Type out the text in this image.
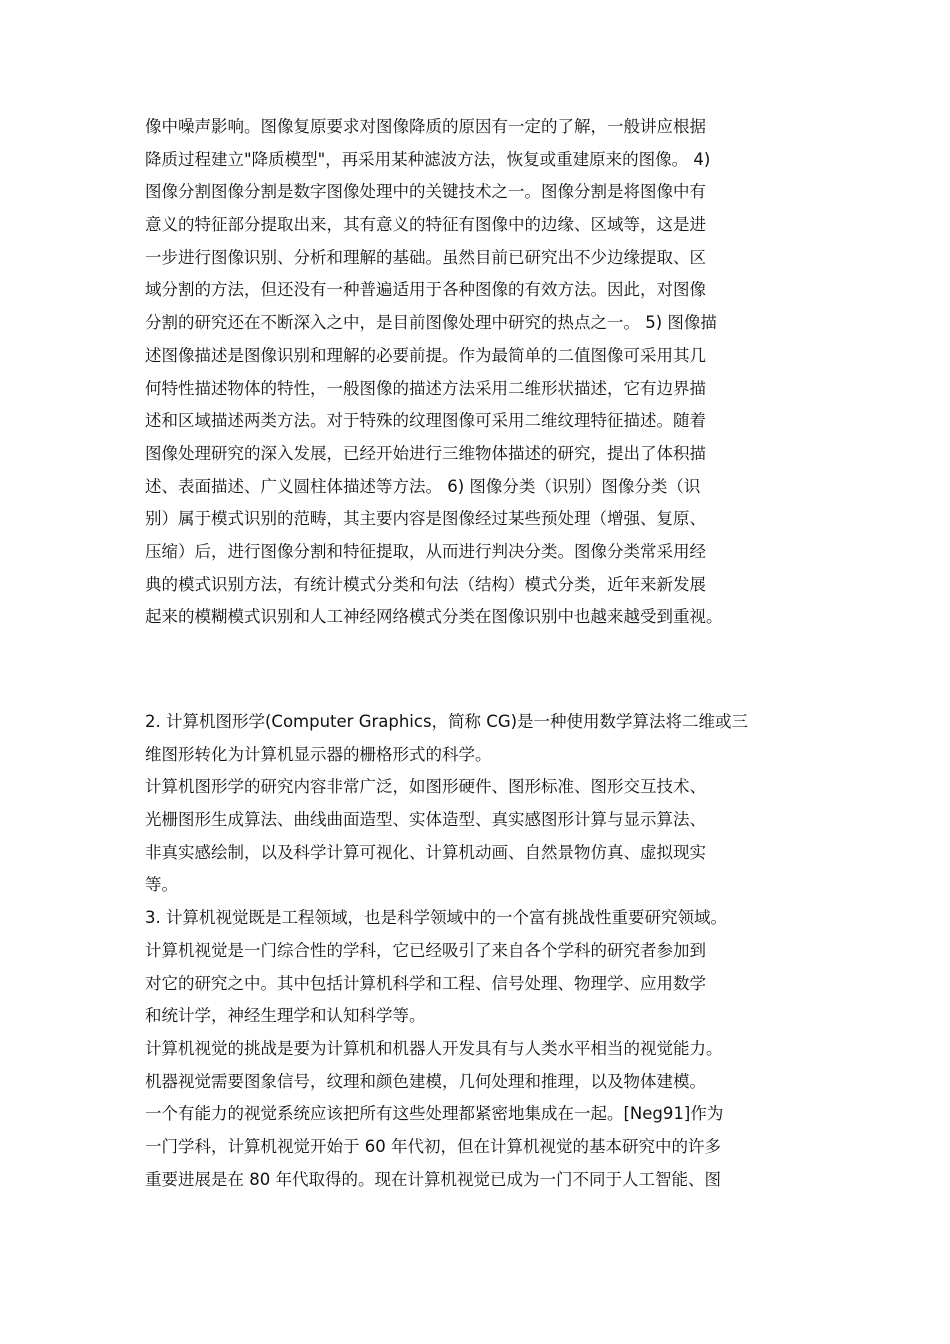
像中噪声影响。图像复原要求对图像降质的原因有一定的了解，一般讲应根据
降质过程建立"降质模型"，再采用某种滤波方法，恢复或重建原来的图像。 4)
图像分割图像分割是数字图像处理中的关键技术之一。图像分割是将图像中有
意义的特征部分提取出来，其有意义的特征有图像中的边缘、区域等，这是进
一步进行图像识别、分析和理解的基础。虽然目前已研究出不少边缘提取、区
域分割的方法，但还没有一种普遍适用于各种图像的有效方法。因此，对图像
分割的研究还在不断深入之中，是目前图像处理中研究的热点之一。 5) 图像描
述图像描述是图像识别和理解的必要前提。作为最简单的二值图像可采用其几
何特性描述物体的特性，一般图像的描述方法采用二维形状描述，它有边界描
述和区域描述两类方法。对于特殊的纹理图像可采用二维纹理特征描述。随着
图像处理研究的深入发展，已经开始进行三维物体描述的研究，提出了体积描
述、表面描述、广义圆柱体描述等方法。 6) 图像分类（识别）图像分类（识
别）属于模式识别的范畴，其主要内容是图像经过某些预处理（增强、复原、
压缩）后，进行图像分割和特征提取，从而进行判决分类。图像分类常采用经
典的模式识别方法，有统计模式分类和句法（结构）模式分类，近年来新发展
起来的模糊模式识别和人工神经网络模式分类在图像识别中也越来越受到重视。
2. 计算机图形学(Computer Graphics，简称 CG)是一种使用数学算法将二维或三
维图形转化为计算机显示器的栅格形式的科学。
计算机图形学的研究内容非常广泛，如图形硬件、图形标准、图形交互技术、
光栅图形生成算法、曲线曲面造型、实体造型、真实感图形计算与显示算法、
非真实感绘制，以及科学计算可视化、计算机动画、自然景物仿真、虚拟现实
等。
3. 计算机视觉既是工程领域，也是科学领域中的一个富有挑战性重要研究领域。
计算机视觉是一门综合性的学科，它已经吸引了来自各个学科的研究者参加到
对它的研究之中。其中包括计算机科学和工程、信号处理、物理学、应用数学
和统计学，神经生理学和认知科学等。
计算机视觉的挑战是要为计算机和机器人开发具有与人类水平相当的视觉能力。
机器视觉需要图象信号，纹理和颜色建模，几何处理和推理，以及物体建模。
一个有能力的视觉系统应该把所有这些处理都紧密地集成在一起。[Neg91]作为
一门学科，计算机视觉开始于 60 年代初，但在计算机视觉的基本研究中的许多
重要进展是在 80 年代取得的。现在计算机视觉已成为一门不同于人工智能、图
